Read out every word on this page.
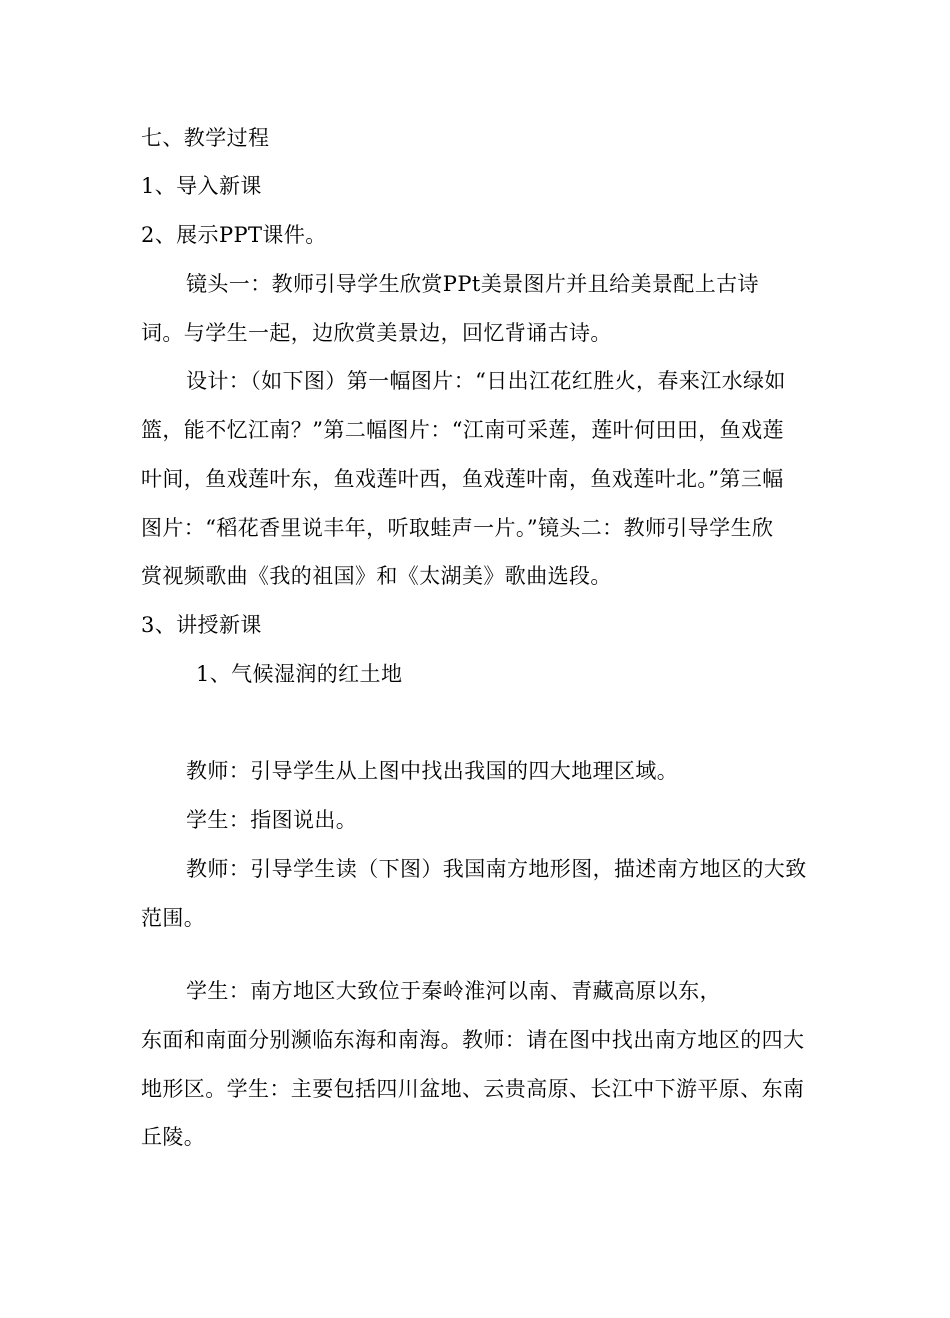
七、教学过程
1、导入新课
2、展示PPT课件。
镜头一：教师引导学生欣赏PPt美景图片并且给美景配上古诗
词。与学生一起，边欣赏美景边，回忆背诵古诗。
设计：（如下图）第一幅图片：“日出江花红胜火，春来江水绿如
篮，能不忆江南？”第二幅图片：“江南可采莲，莲叶何田田，鱼戏莲
叶间，鱼戏莲叶东，鱼戏莲叶西，鱼戏莲叶南，鱼戏莲叶北。”第三幅
图片：“稻花香里说丰年，听取蛙声一片。”镜头二：教师引导学生欣
赏视频歌曲《我的祖国》和《太湖美》歌曲选段。
3、讲授新课
1、气候湿润的红土地
教师：引导学生从上图中找出我国的四大地理区域。
学生：指图说出。
教师：引导学生读（下图）我国南方地形图，描述南方地区的大致
范围。
学生：南方地区大致位于秦岭淮河以南、青藏高原以东，
东面和南面分别濒临东海和南海。教师：请在图中找出南方地区的四大
地形区。学生：主要包括四川盆地、云贵高原、长江中下游平原、东南
丘陵。
